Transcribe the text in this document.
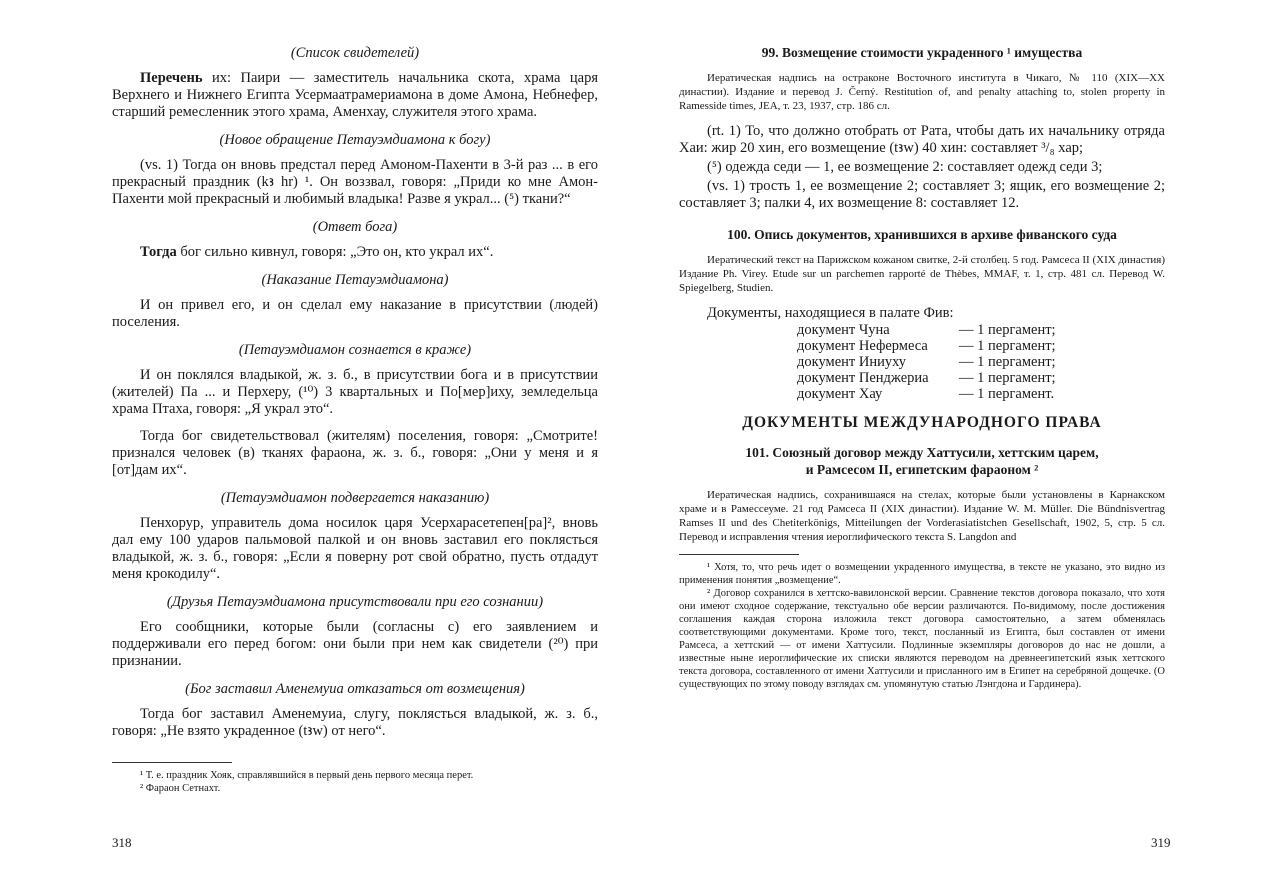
(Список свидетелей)

Перечень их: Паири — заместитель начальника скота, храма царя Верхнего и Нижнего Египта Усермаатрамериамона в доме Амона, Небнефер, старший ремесленник этого храма, Аменхау, служителя этого храма.

(Новое обращение Петауэмдиамона к богу)

(vs. 1) Тогда он вновь предстал перед Амоном-Пахенти в 3-й раз ... в его прекрасный праздник (kꜣ hr) ¹. Он воззвал, говоря: „Приди ко мне Амон-Пахенти мой прекрасный и любимый владыка! Разве я украл... (⁵) ткани?“

(Ответ бога)

Тогда бог сильно кивнул, говоря: „Это он, кто украл их“.

(Наказание Петауэмдиамона)

И он привел его, и он сделал ему наказание в присутствии (людей) поселения.

(Петауэмдиамон сознается в краже)

И он поклялся владыкой, ж. з. б., в присутствии бога и в присутствии (жителей) Па ... и Перхеру, (¹⁰) 3 квартальных и По[мер]иху, земледельца храма Птаха, говоря: „Я украл это“.

Тогда бог свидетельствовал (жителям) поселения, говоря: „Смотрите! признался человек (в) тканях фараона, ж. з. б., говоря: „Они у меня и я [от]дам их“.

(Петауэмдиамон подвергается наказанию)

Пенхорур, управитель дома носилок царя Усерхарасетепен[ра]², вновь дал ему 100 ударов пальмовой палкой и он вновь заставил его поклясться владыкой, ж. з. б., говоря: „Если я поверну рот свой обратно, пусть отдадут меня крокодилу“.

(Друзья Петауэмдиамона присутствовали при его сознании)

Его сообщники, которые были (согласны с) его заявлением и поддерживали его перед богом: они были при нем как свидетели (²⁰) при признании.

(Бог заставил Аменемуиа отказаться от возмещения)

Тогда бог заставил Аменемуиа, слугу, поклясться владыкой, ж. з. б., говоря: „Не взято украденное (tꜣw) от него“.

¹ Т. е. праздник Хояк, справлявшийся в первый день первого месяца перет.

² Фараон Сетнахт.

318
99. Возмещение стоимости украденного ¹ имущества

Иератическая надпись на остраконе Восточного института в Чикаго, № 110 (XIX—XX династии). Издание и перевод J. Černý. Restitution of, and penalty attaching to, stolen property in Ramesside times, JEA, т. 23, 1937, стр. 186 сл.

(rt. 1) То, что должно отобрать от Рата, чтобы дать их начальнику отряда Хаи: жир 20 хин, его возмещение (tꜣw) 40 хин: составляет ³/₈ хар;

(⁵) одежда седи — 1, ее возмещение 2: составляет одежд седи 3;

(vs. 1) трость 1, ее возмещение 2; составляет 3; ящик, его возмещение 2; составляет 3; палки 4, их возмещение 8: составляет 12.

100. Опись документов, хранившихся в архиве фиванского суда

Иератический текст на Парижском кожаном свитке, 2-й столбец. 5 год. Рамсеса II (XIX династия) Издание Ph. Virey. Etude sur un parchemen rapporté de Thèbes, MMAF, т. 1, стр. 481 сл. Перевод W. Spiegelberg, Studien.

Документы, находящиеся в палате Фив:
документ Чуна	— 1 пергамент;
документ Нефермеса	— 1 пергамент;
документ Иниуху	— 1 пергамент;
документ Пенджериа	— 1 пергамент;
документ Хау	— 1 пергамент.
ДОКУМЕНТЫ МЕЖДУНАРОДНОГО ПРАВА
101. Союзный договор между Хаттусили, хеттским царем,
и Рамсесом II, египетским фараоном ²

Иератическая надпись, сохранившаяся на стелах, которые были установлены в Карнакском храме и в Рамессеуме. 21 год Рамсеса II (XIX династии). Издание W. M. Müller. Die Bündnisvertrag Ramses II und des Chetiterkönigs, Mitteilungen der Vorderasiatistchen Gesellschaft, 1902, 5, стр. 5 сл. Перевод и исправления чтения иероглифического текста S. Langdon and

¹ Хотя, то, что речь идет о возмещении украденного имущества, в тексте не указано, это видно из применения понятия „возмещение“.

² Договор сохранился в хеттско-вавилонской версии. Сравнение текстов договора показало, что хотя они имеют сходное содержание, текстуально обе версии различаются. По-видимому, после достижения соглашения каждая сторона изложила текст договора самостоятельно, а затем обменялась соответствующими документами. Кроме того, текст, посланный из Египта, был составлен от имени Рамсеса, а хеттский — от имени Хаттусили. Подлинные экземпляры договоров до нас не дошли, а известные ныне иероглифические их списки являются переводом на древнеегипетский язык хеттского текста договора, составленного от имени Хаттусили и присланного им в Египет на серебряной дощечке. (О существующих по этому поводу взглядах см. упомянутую статью Лэнгдона и Гардинера).

319
